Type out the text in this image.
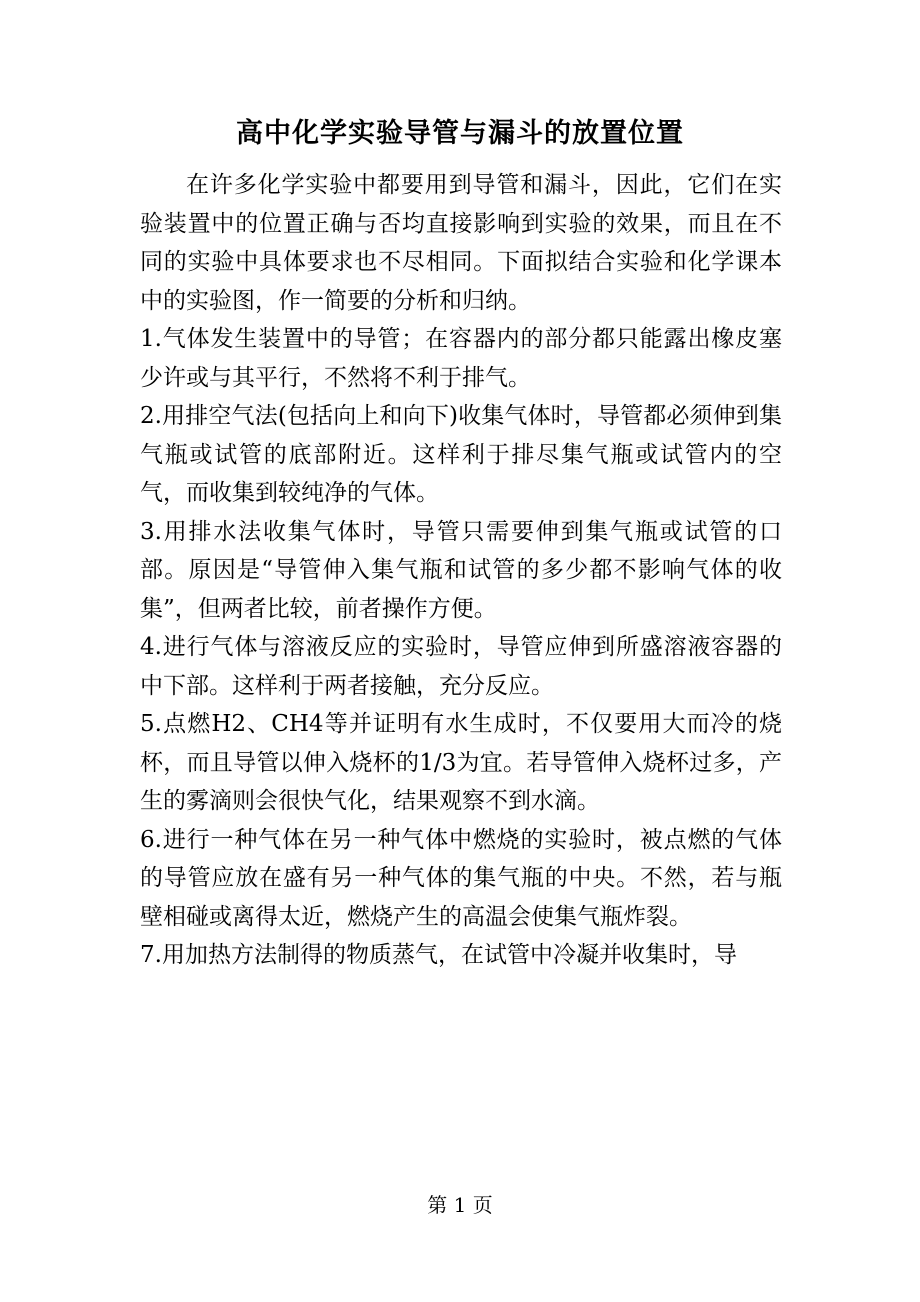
高中化学实验导管与漏斗的放置位置

在许多化学实验中都要用到导管和漏斗，因此，它们在实验装置中的位置正确与否均直接影响到实验的效果，而且在不同的实验中具体要求也不尽相同。下面拟结合实验和化学课本中的实验图，作一简要的分析和归纳。

1.气体发生装置中的导管；在容器内的部分都只能露出橡皮塞少许或与其平行，不然将不利于排气。

2.用排空气法(包括向上和向下)收集气体时，导管都必须伸到集气瓶或试管的底部附近。这样利于排尽集气瓶或试管内的空气，而收集到较纯净的气体。

3.用排水法收集气体时，导管只需要伸到集气瓶或试管的口部。原因是“导管伸入集气瓶和试管的多少都不影响气体的收集”，但两者比较，前者操作方便。

4.进行气体与溶液反应的实验时，导管应伸到所盛溶液容器的中下部。这样利于两者接触，充分反应。

5.点燃H2、CH4等并证明有水生成时，不仅要用大而冷的烧杯，而且导管以伸入烧杯的1/3为宜。若导管伸入烧杯过多，产生的雾滴则会很快气化，结果观察不到水滴。

6.进行一种气体在另一种气体中燃烧的实验时，被点燃的气体的导管应放在盛有另一种气体的集气瓶的中央。不然，若与瓶壁相碰或离得太近，燃烧产生的高温会使集气瓶炸裂。

7.用加热方法制得的物质蒸气，在试管中冷凝并收集时，导

第 1 页
